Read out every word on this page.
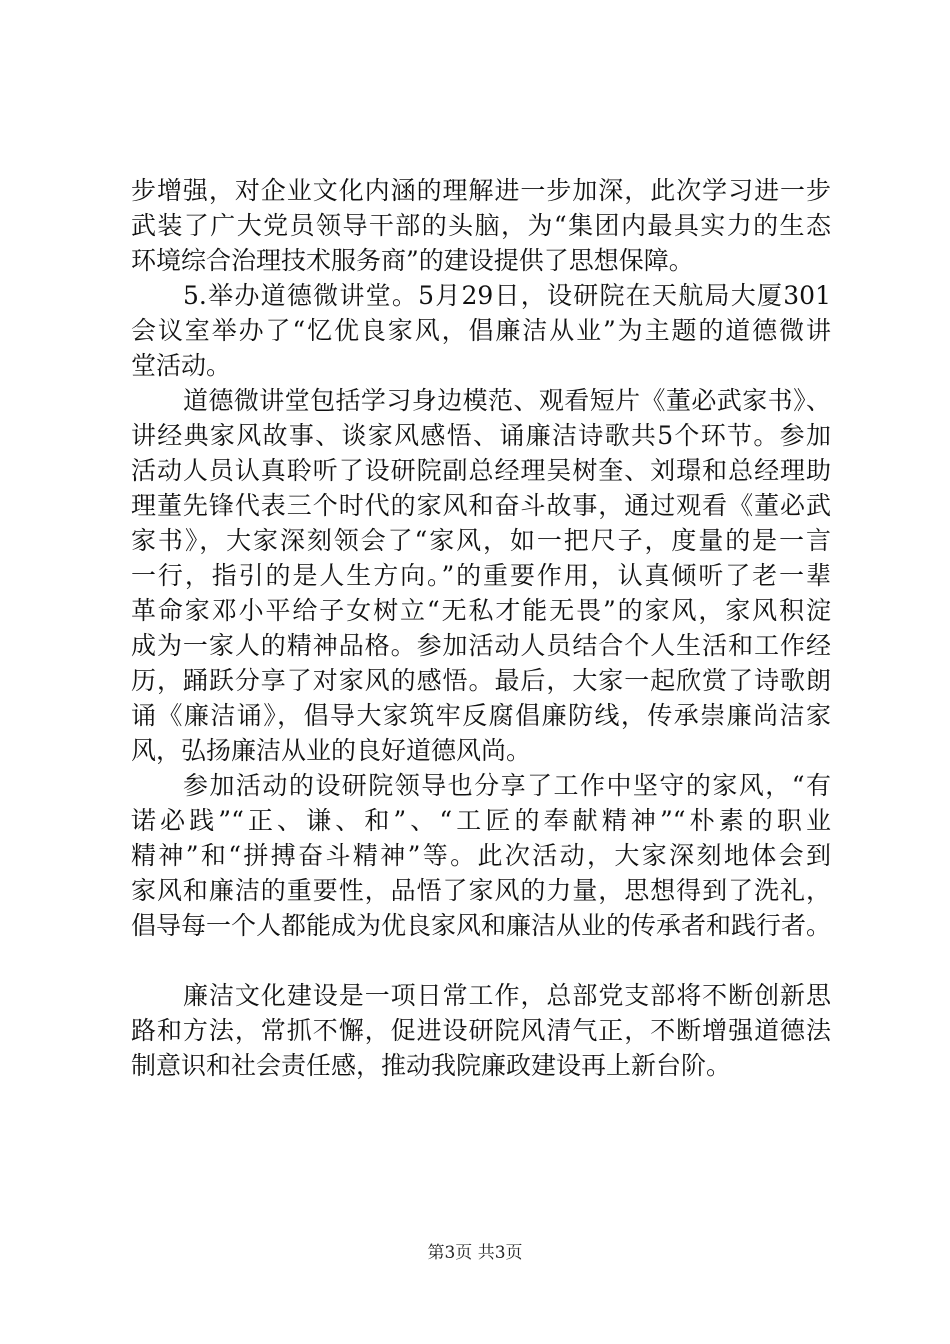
步增强，对企业文化内涵的理解进一步加深，此次学习进一步
武装了广大党员领导干部的头脑，为“集团内最具实力的生态
环境综合治理技术服务商”的建设提供了思想保障。
5.举办道德微讲堂。5月29日，设研院在天航局大厦301
会议室举办了“忆优良家风，倡廉洁从业”为主题的道德微讲
堂活动。
道德微讲堂包括学习身边模范、观看短片《董必武家书》、
讲经典家风故事、谈家风感悟、诵廉洁诗歌共5个环节。参加
活动人员认真聆听了设研院副总经理吴树奎、刘璟和总经理助
理董先锋代表三个时代的家风和奋斗故事，通过观看《董必武
家书》，大家深刻领会了“家风，如一把尺子，度量的是一言
一行，指引的是人生方向。”的重要作用，认真倾听了老一辈
革命家邓小平给子女树立“无私才能无畏”的家风，家风积淀
成为一家人的精神品格。参加活动人员结合个人生活和工作经
历，踊跃分享了对家风的感悟。最后，大家一起欣赏了诗歌朗
诵《廉洁诵》，倡导大家筑牢反腐倡廉防线，传承崇廉尚洁家
风，弘扬廉洁从业的良好道德风尚。
参加活动的设研院领导也分享了工作中坚守的家风，“有
诺必践”“正、谦、和”、“工匠的奉献精神”“朴素的职业
精神”和“拼搏奋斗精神”等。此次活动，大家深刻地体会到
家风和廉洁的重要性，品悟了家风的力量，思想得到了洗礼，
倡导每一个人都能成为优良家风和廉洁从业的传承者和践行者。
廉洁文化建设是一项日常工作，总部党支部将不断创新思
路和方法，常抓不懈，促进设研院风清气正，不断增强道德法
制意识和社会责任感，推动我院廉政建设再上新台阶。
第3页 共3页
